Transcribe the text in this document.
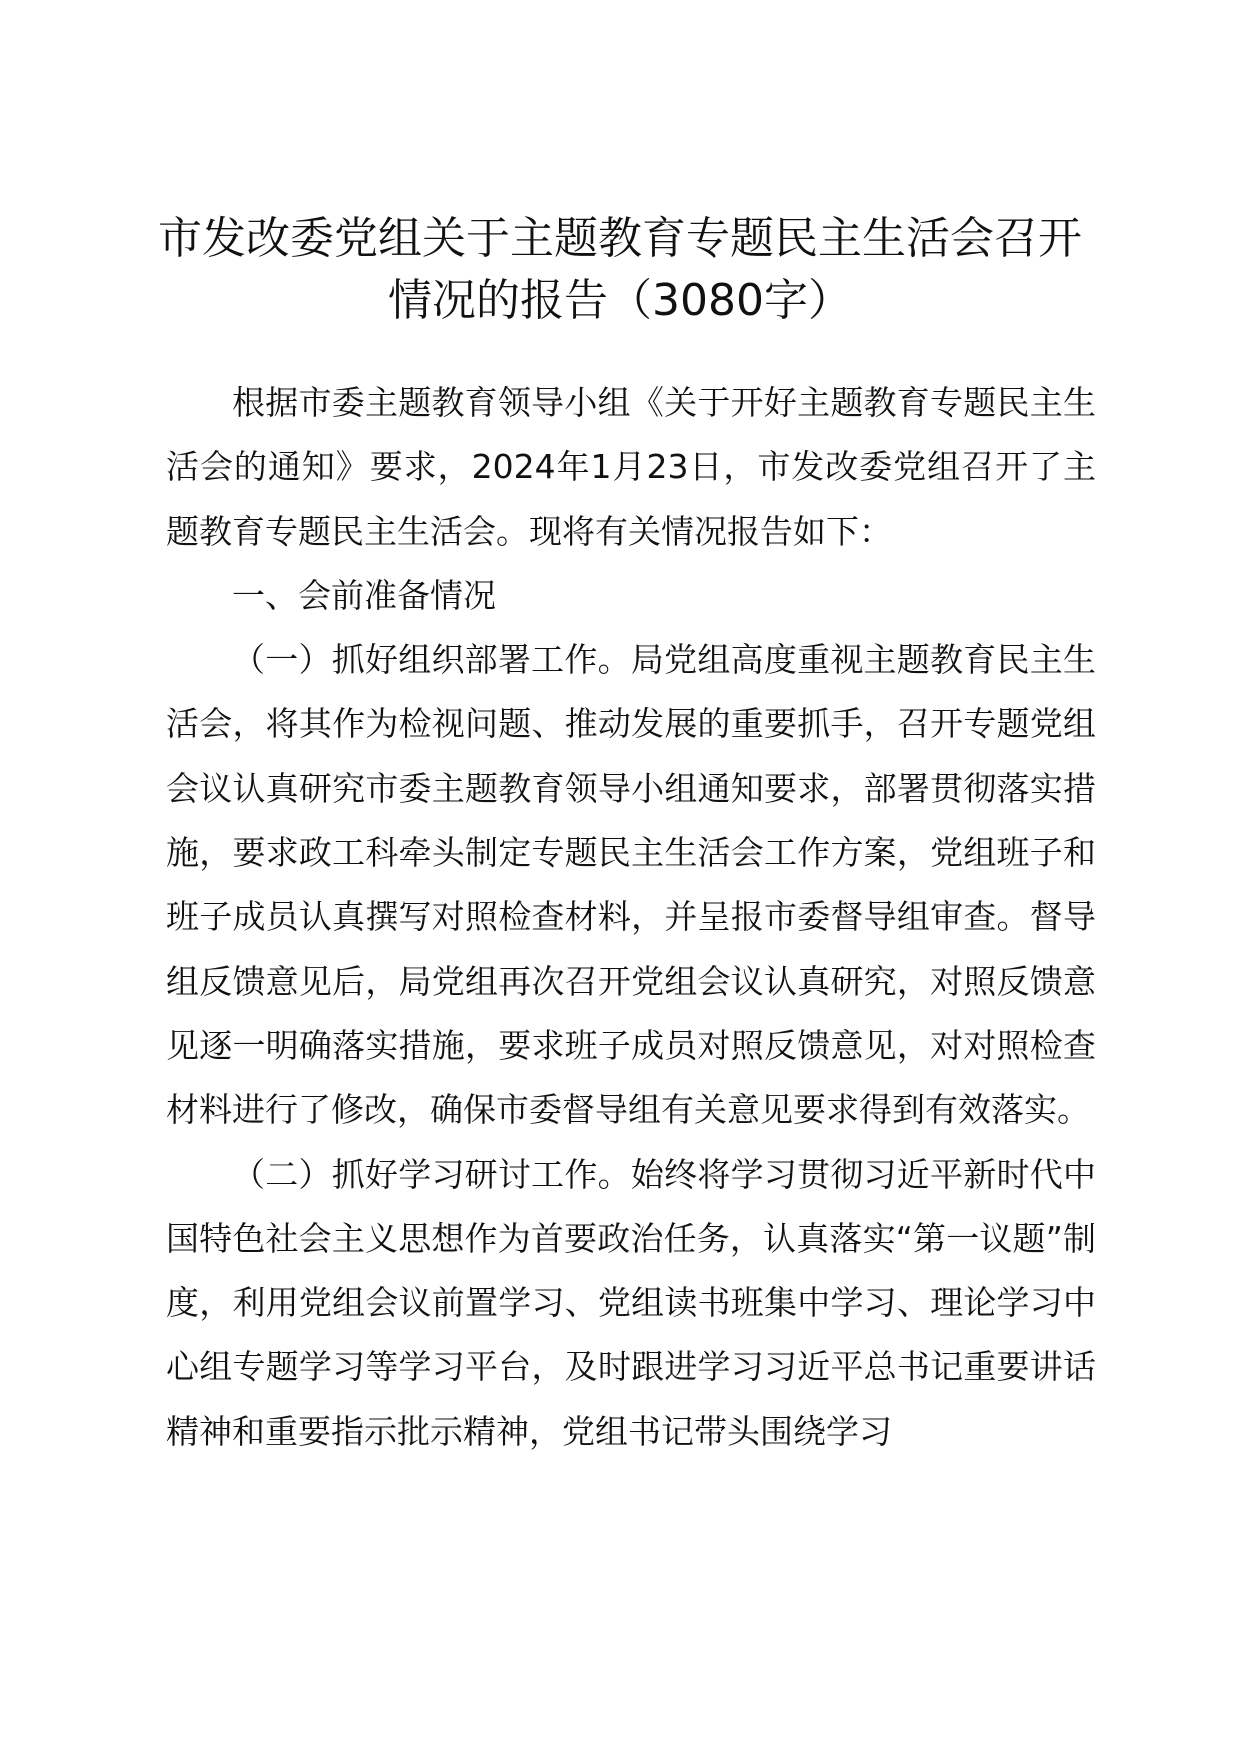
市发改委党组关于主题教育专题民主生活会召开情况的报告（3080字）

根据市委主题教育领导小组《关于开好主题教育专题民主生活会的通知》要求，2024年1月23日，市发改委党组召开了主题教育专题民主生活会。现将有关情况报告如下：

一、会前准备情况

（一）抓好组织部署工作。局党组高度重视主题教育民主生活会，将其作为检视问题、推动发展的重要抓手，召开专题党组会议认真研究市委主题教育领导小组通知要求，部署贯彻落实措施，要求政工科牵头制定专题民主生活会工作方案，党组班子和班子成员认真撰写对照检查材料，并呈报市委督导组审查。督导组反馈意见后，局党组再次召开党组会议认真研究，对照反馈意见逐一明确落实措施，要求班子成员对照反馈意见，对对照检查材料进行了修改，确保市委督导组有关意见要求得到有效落实。

（二）抓好学习研讨工作。始终将学习贯彻习近平新时代中国特色社会主义思想作为首要政治任务，认真落实“第一议题”制度，利用党组会议前置学习、党组读书班集中学习、理论学习中心组专题学习等学习平台，及时跟进学习习近平总书记重要讲话精神和重要指示批示精神，党组书记带头围绕学习
